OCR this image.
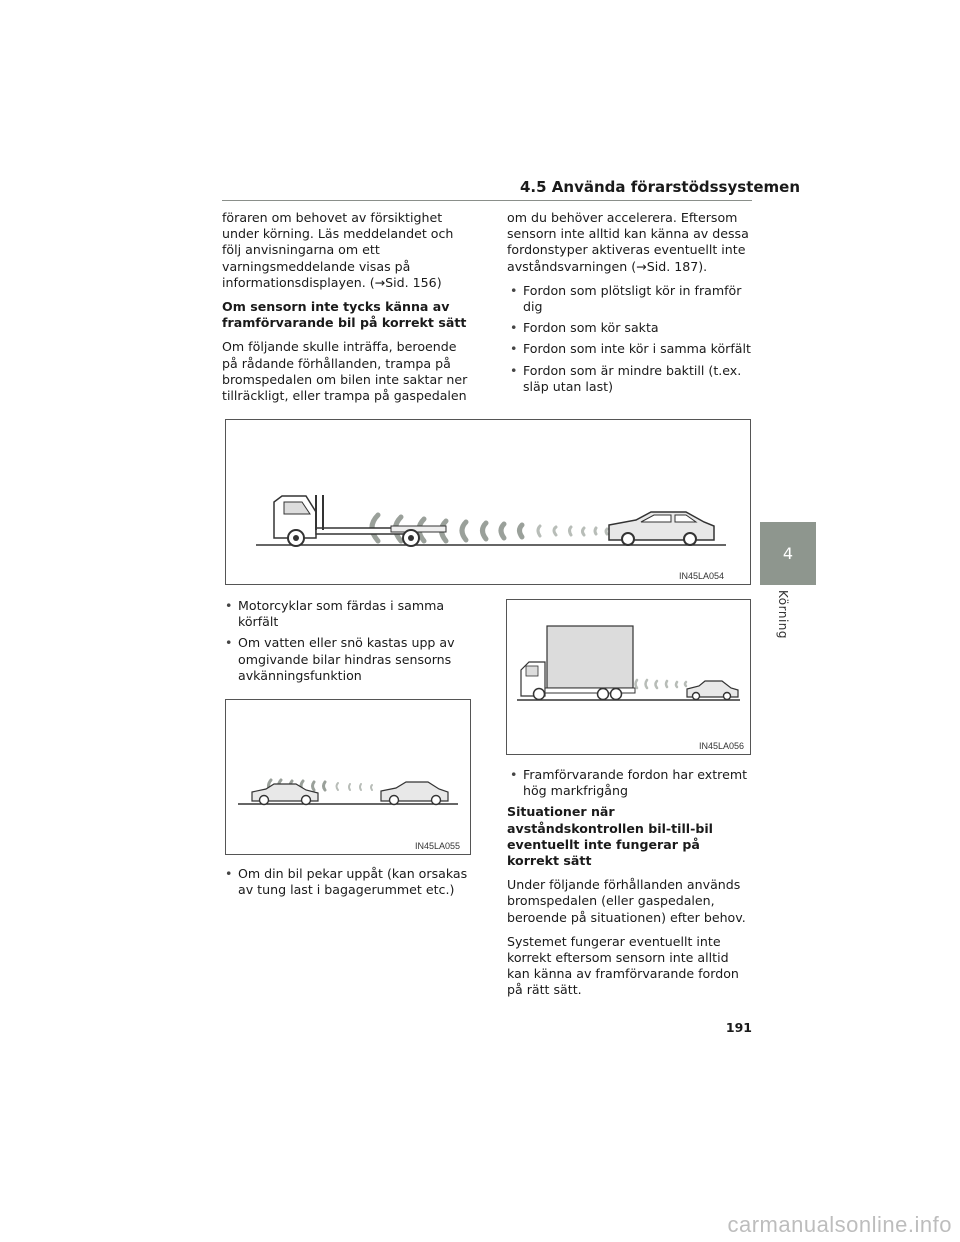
4.5 Använda förarstödssystemen

föraren om behovet av försiktighet under körning. Läs meddelandet och följ anvisningarna om ett varningsmeddelande visas på informationsdisplayen. (→Sid. 156)

Om sensorn inte tycks känna av framförvarande bil på korrekt sätt

Om följande skulle inträffa, beroende på rådande förhållanden, trampa på bromspedalen om bilen inte saktar ner tillräckligt, eller trampa på gaspedalen

om du behöver accelerera. Eftersom sensorn inte alltid kan känna av dessa fordonstyper aktiveras eventuellt inte avståndsvarningen (→Sid. 187).

• Fordon som plötsligt kör in framför dig
• Fordon som kör sakta
• Fordon som inte kör i samma körfält
• Fordon som är mindre baktill (t.ex. släp utan last)
IN45LA054
• Motorcyklar som färdas i samma körfält
• Om vatten eller snö kastas upp av omgivande bilar hindras sensorns avkänningsfunktion
IN45LA056
IN45LA055
• Om din bil pekar uppåt (kan orsakas av tung last i bagagerummet etc.)
• Framförvarande fordon har extremt hög markfrigång

Situationer när avståndskontrollen bil-till-bil eventuellt inte fungerar på korrekt sätt

Under följande förhållanden används bromspedalen (eller gaspedalen, beroende på situationen) efter behov.

Systemet fungerar eventuellt inte korrekt eftersom sensorn inte alltid kan känna av framförvarande fordon på rätt sätt.

4
Körning
191
carmanualsonline.info
